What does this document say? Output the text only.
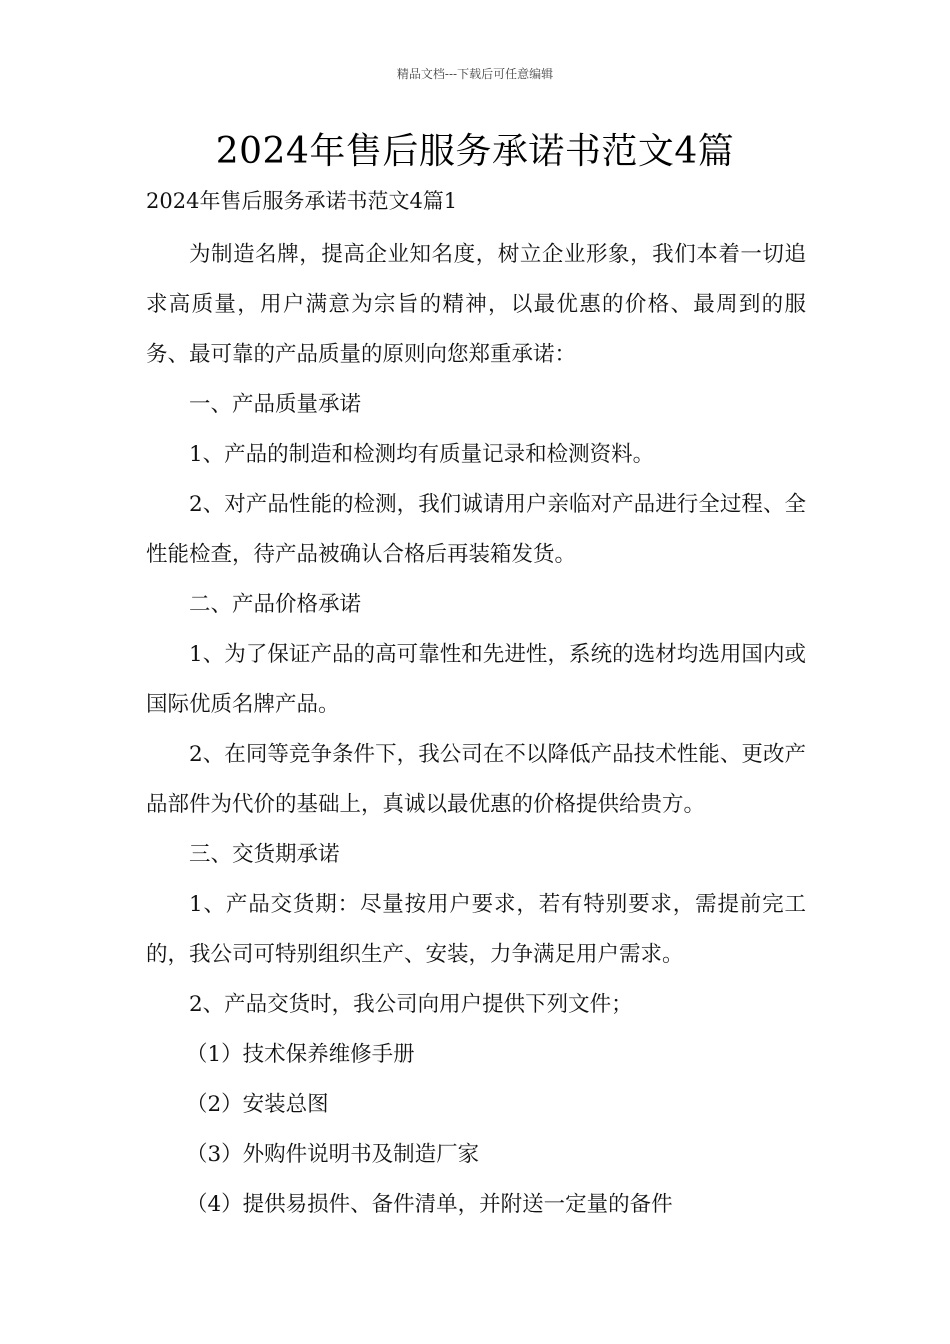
精品文档---下载后可任意编辑
2024年售后服务承诺书范文4篇
2024年售后服务承诺书范文4篇1

为制造名牌，提高企业知名度，树立企业形象，我们本着一切追求高质量，用户满意为宗旨的精神，以最优惠的价格、最周到的服务、最可靠的产品质量的原则向您郑重承诺：

一、产品质量承诺

1、产品的制造和检测均有质量记录和检测资料。

2、对产品性能的检测，我们诚请用户亲临对产品进行全过程、全性能检查，待产品被确认合格后再装箱发货。

二、产品价格承诺

1、为了保证产品的高可靠性和先进性，系统的选材均选用国内或国际优质名牌产品。

2、在同等竞争条件下，我公司在不以降低产品技术性能、更改产品部件为代价的基础上，真诚以最优惠的价格提供给贵方。

三、交货期承诺

1、产品交货期：尽量按用户要求，若有特别要求，需提前完工的，我公司可特别组织生产、安装，力争满足用户需求。

2、产品交货时，我公司向用户提供下列文件；

（1）技术保养维修手册

（2）安装总图

（3）外购件说明书及制造厂家

（4）提供易损件、备件清单，并附送一定量的备件
